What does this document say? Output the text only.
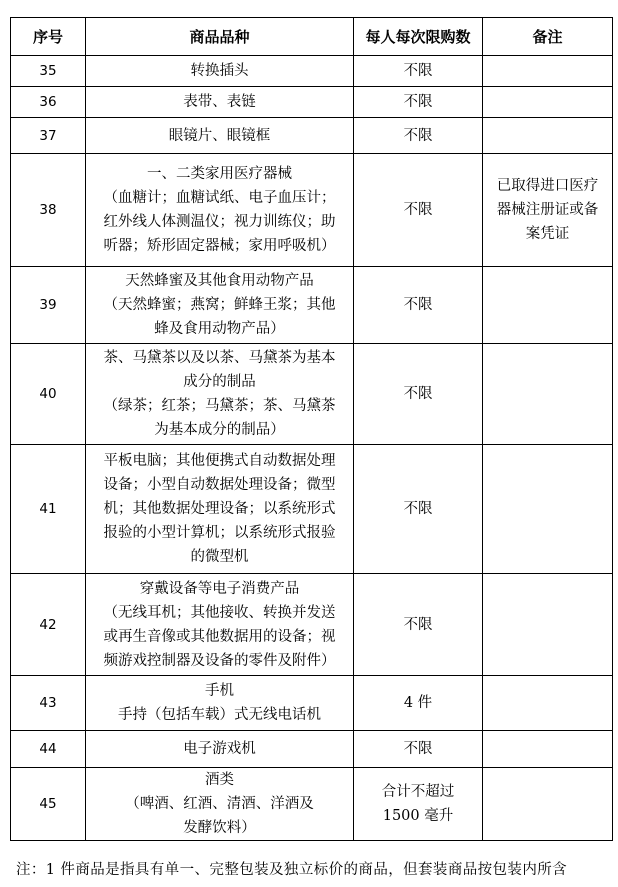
序号	商品品种	每人每次限购数	备注
35	转换插头	不限	

36	表带、表链	不限	

37	眼镜片、眼镜框	不限	

38	一、二类家用医疗器械
（血糖计；血糖试纸、电子血压计；
红外线人体测温仪；视力训练仪；助
听器；矫形固定器械；家用呼吸机）	不限	已取得进口医疗
器械注册证或备
案凭证

39	天然蜂蜜及其他食用动物产品
（天然蜂蜜；燕窝；鲜蜂王浆；其他
蜂及食用动物产品）	不限	

40	茶、马黛茶以及以茶、马黛茶为基本
成分的制品
（绿茶；红茶；马黛茶；茶、马黛茶
为基本成分的制品）	不限	

41	平板电脑；其他便携式自动数据处理
设备；小型自动数据处理设备；微型
机；其他数据处理设备；以系统形式
报验的小型计算机；以系统形式报验
的微型机	不限	

42	穿戴设备等电子消费产品
（无线耳机；其他接收、转换并发送
或再生音像或其他数据用的设备；视
频游戏控制器及设备的零件及附件）	不限	

43	手机
手持（包括车载）式无线电话机	4 件	

44	电子游戏机	不限	

45	酒类
（啤酒、红酒、清酒、洋酒及
发酵饮料）	合计不超过
1500 毫升	

注：1 件商品是指具有单一、完整包装及独立标价的商品，但套装商品按包装内所含
